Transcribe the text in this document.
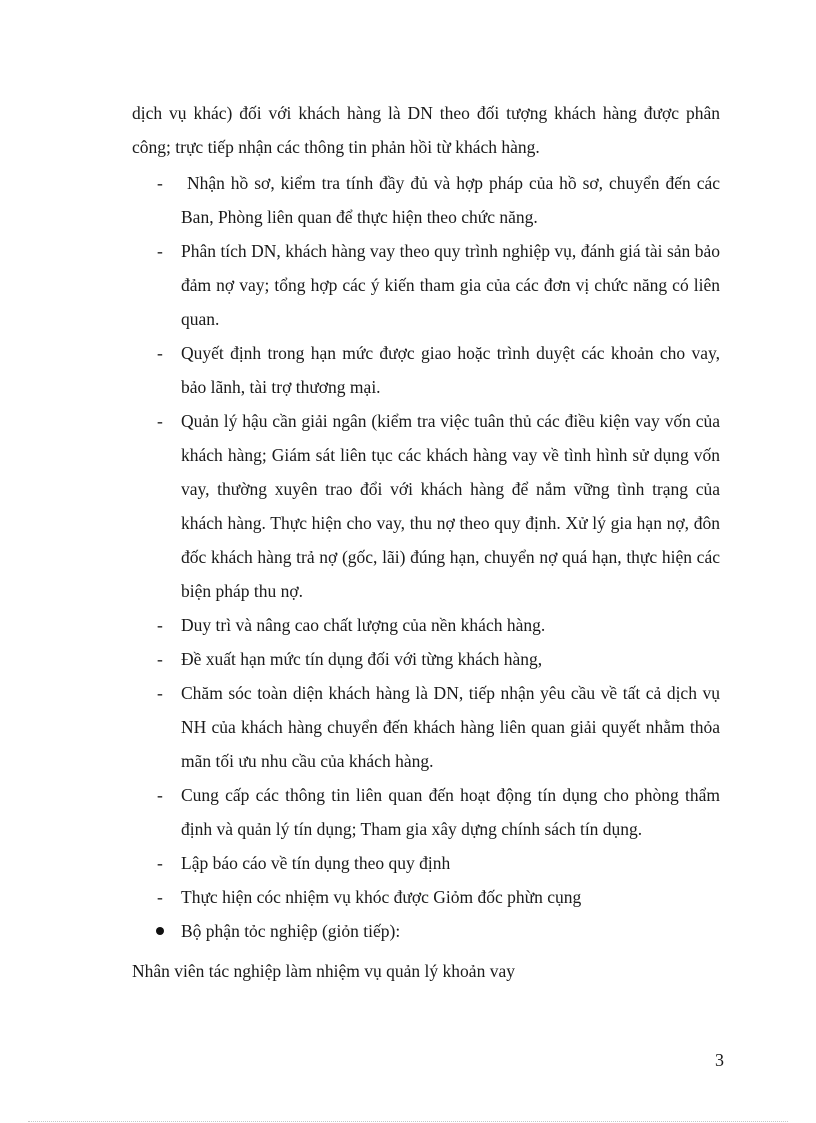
dịch vụ khác) đối với khách hàng là DN theo đối tượng khách hàng được phân công; trực tiếp nhận các thông tin phản hồi từ khách hàng.

- Nhận hồ sơ, kiểm tra tính đầy đủ và hợp pháp của hồ sơ, chuyển đến các Ban, Phòng liên quan để thực hiện theo chức năng.
- Phân tích DN, khách hàng vay theo quy trình nghiệp vụ, đánh giá tài sản bảo đảm nợ vay; tổng hợp các ý kiến tham gia của các đơn vị chức năng có liên quan.
- Quyết định trong hạn mức được giao hoặc trình duyệt các khoản cho vay, bảo lãnh, tài trợ thương mại.
- Quản lý hậu cần giải ngân (kiểm tra việc tuân thủ các điều kiện vay vốn của khách hàng; Giám sát liên tục các khách hàng vay về tình hình sử dụng vốn vay, thường xuyên trao đổi với khách hàng để nắm vững tình trạng của khách hàng. Thực hiện cho vay, thu nợ theo quy định. Xử lý gia hạn nợ, đôn đốc khách hàng trả nợ (gốc, lãi) đúng hạn, chuyển nợ quá hạn, thực hiện các biện pháp thu nợ.
- Duy trì và nâng cao chất lượng của nền khách hàng.
- Đề xuất hạn mức tín dụng đối với từng khách hàng,
- Chăm sóc toàn diện khách hàng là DN, tiếp nhận yêu cầu về tất cả dịch vụ NH của khách hàng chuyển đến khách hàng liên quan giải quyết nhằm thỏa mãn tối ưu nhu cầu của khách hàng.
- Cung cấp các thông tin liên quan đến hoạt động tín dụng cho phòng thẩm định và quản lý tín dụng; Tham gia xây dựng chính sách tín dụng.
- Lập báo cáo về tín dụng theo quy định
- Thực hiện cóc nhiệm vụ khóc được Giỏm đốc phừn cụng
Bộ phận tỏc nghiệp (giỏn tiếp):

Nhân viên tác nghiệp làm nhiệm vụ quản lý khoản vay

3
